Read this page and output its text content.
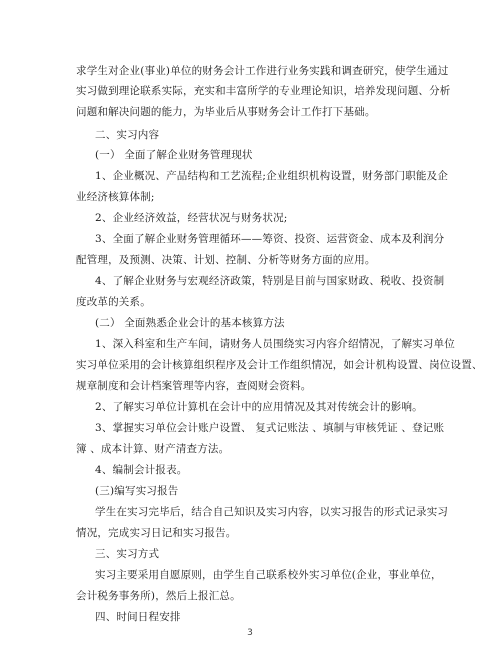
求学生对企业(事业)单位的财务会计工作进行业务实践和调查研究，使学生通过
实习做到理论联系实际，充实和丰富所学的专业理论知识，培养发现问题、分析
问题和解决问题的能力，为毕业后从事财务会计工作打下基础。
二、实习内容
(一） 全面了解企业财务管理现状
1、企业概况、产品结构和工艺流程;企业组织机构设置，财务部门职能及企
业经济核算体制;
2、企业经济效益，经营状况与财务状况;
3、全面了解企业财务管理循环——筹资、投资、运营资金、成本及利润分
配管理，及预测、决策、计划、控制、分析等财务方面的应用。
4、了解企业财务与宏观经济政策，特别是目前与国家财政、税收、投资制
度改革的关系。
(二） 全面熟悉企业会计的基本核算方法
1、深入科室和生产车间，请财务人员围绕实习内容介绍情况，了解实习单位
实习单位采用的会计核算组织程序及会计工作组织情况，如会计机构设置、岗位设置、
规章制度和会计档案管理等内容，查阅财会资料。
2、了解实习单位计算机在会计中的应用情况及其对传统会计的影响。
3、掌握实习单位会计账户设置、 复式记账法 、填制与审核凭证 、登记账
簿 、成本计算、财产清查方法。
4、编制会计报表。
(三)编写实习报告
学生在实习完毕后，结合自己知识及实习内容，以实习报告的形式记录实习
情况，完成实习日记和实习报告。
三、实习方式
实习主要采用自愿原则，由学生自己联系校外实习单位(企业，事业单位，
会计税务事务所)，然后上报汇总。
四、时间日程安排
3
